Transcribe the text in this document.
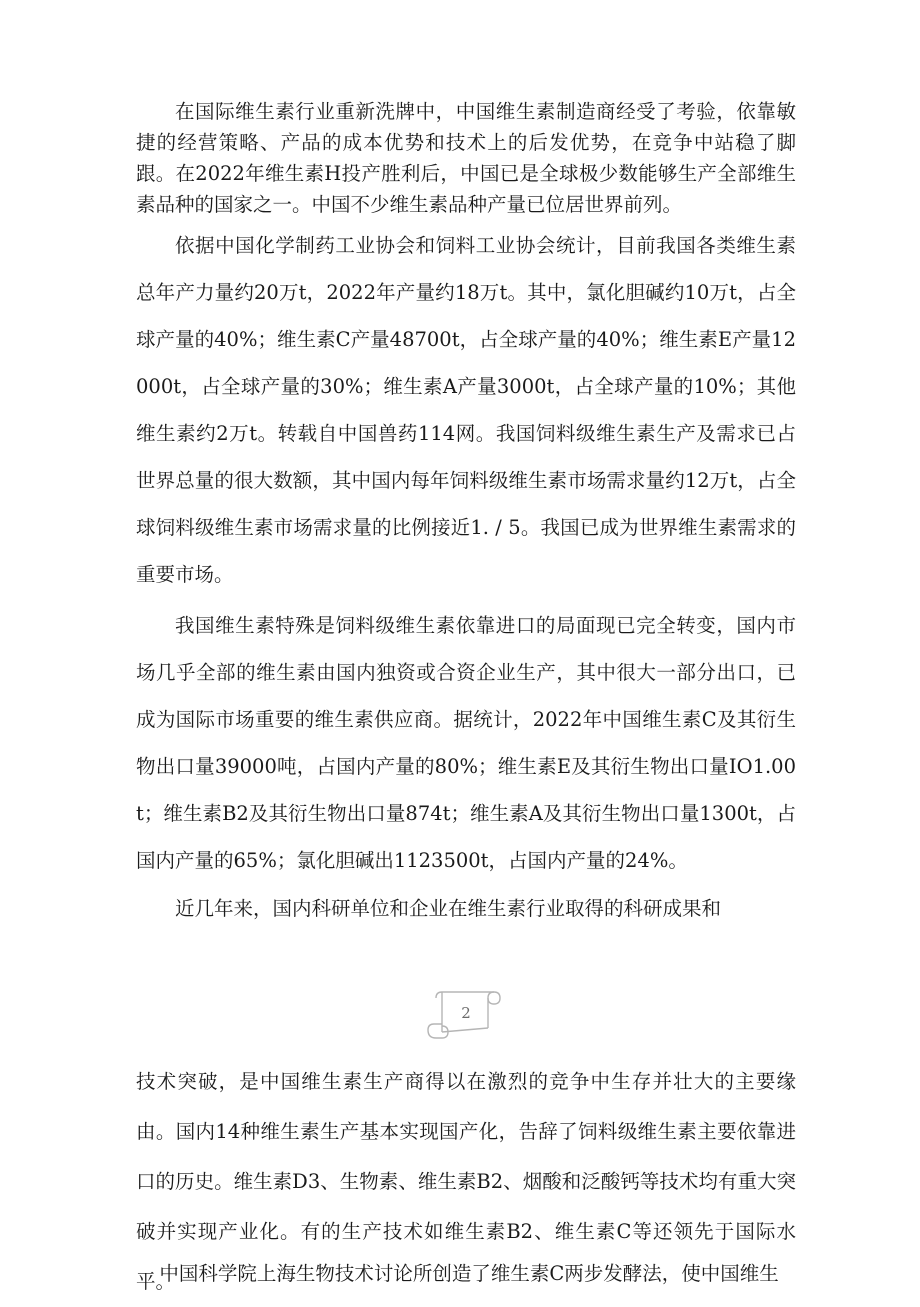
在国际维生素行业重新洗牌中，中国维生素制造商经受了考验，依靠敏捷的经营策略、产品的成本优势和技术上的后发优势，在竞争中站稳了脚跟。在2022年维生素H投产胜利后，中国已是全球极少数能够生产全部维生素品种的国家之一。中国不少维生素品种产量已位居世界前列。

依据中国化学制药工业协会和饲料工业协会统计，目前我国各类维生素总年产力量约20万t，2022年产量约18万t。其中，氯化胆碱约10万t，占全球产量的40%；维生素C产量48700t，占全球产量的40%；维生素E产量12000t，占全球产量的30%；维生素A产量3000t，占全球产量的10%；其他维生素约2万t。转载自中国兽药114网。我国饲料级维生素生产及需求已占世界总量的很大数额，其中国内每年饲料级维生素市场需求量约12万t，占全球饲料级维生素市场需求量的比例接近1. / 5。我国已成为世界维生素需求的重要市场。

我国维生素特殊是饲料级维生素依靠进口的局面现已完全转变，国内市场几乎全部的维生素由国内独资或合资企业生产，其中很大一部分出口，已成为国际市场重要的维生素供应商。据统计，2022年中国维生素C及其衍生物出口量39000吨，占国内产量的80%；维生素E及其衍生物出口量IO1.00t；维生素B2及其衍生物出口量874t；维生素A及其衍生物出口量1300t，占国内产量的65%；氯化胆碱出1123500t，占国内产量的24%。

近几年来，国内科研单位和企业在维生素行业取得的科研成果和

2

技术突破，是中国维生素生产商得以在激烈的竞争中生存并壮大的主要缘由。国内14种维生素生产基本实现国产化，告辞了饲料级维生素主要依靠进口的历史。维生素D3、生物素、维生素B2、烟酸和泛酸钙等技术均有重大突破并实现产业化。有的生产技术如维生素B2、维生素C等还领先于国际水平。

中国科学院上海生物技术讨论所创造了维生素C两步发酵法，使中国维生
